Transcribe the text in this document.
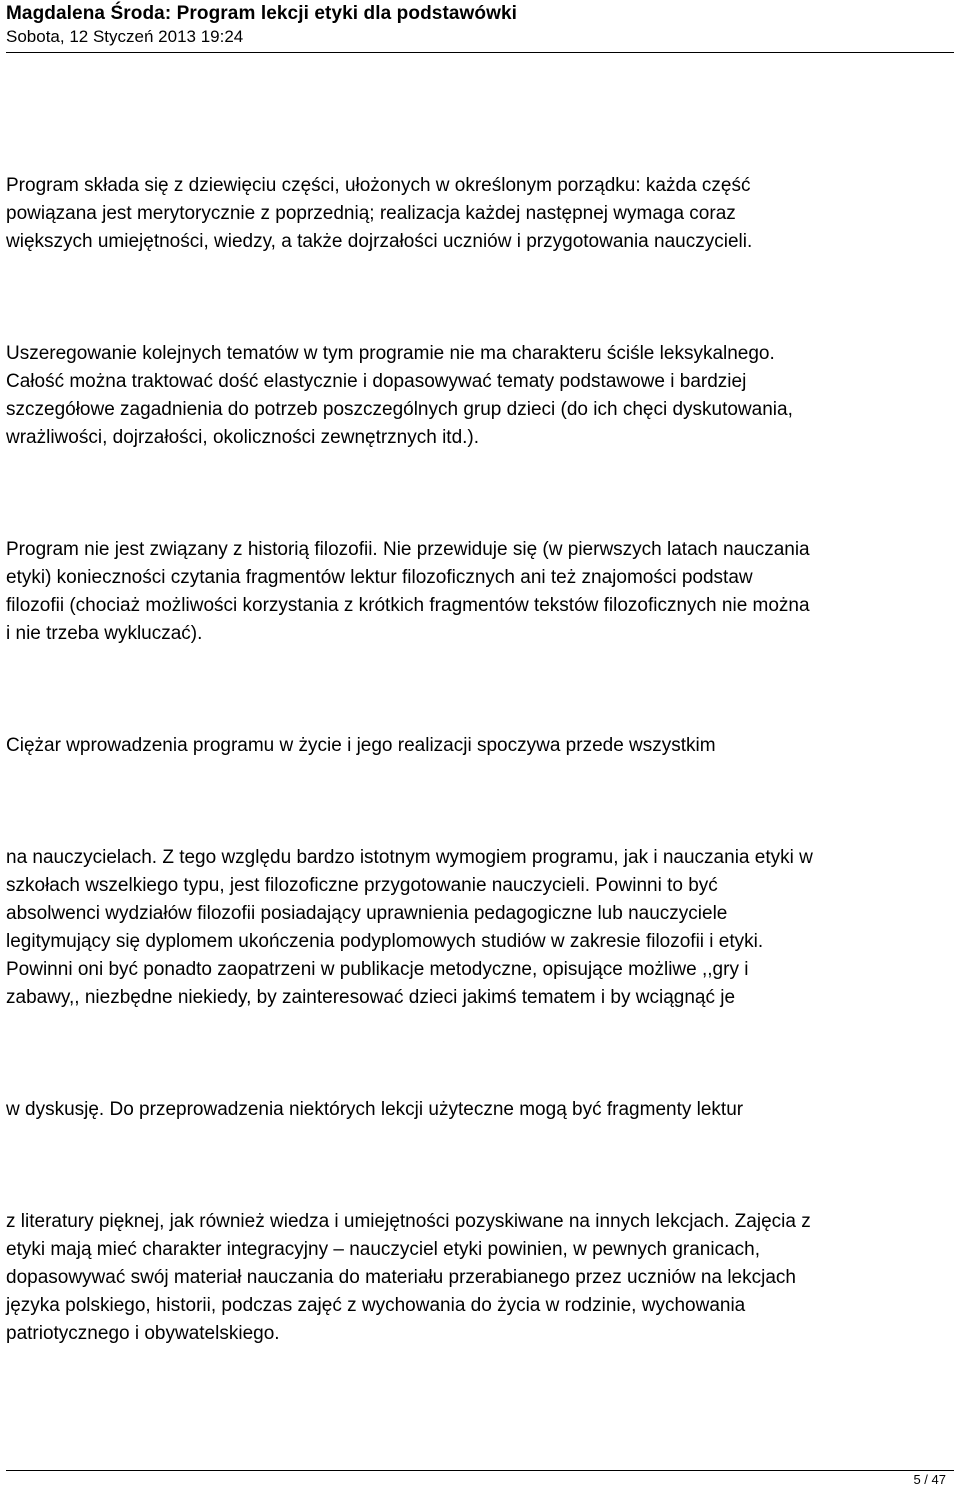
Magdalena Środa: Program lekcji etyki dla podstawówki
Sobota, 12 Styczeń 2013 19:24
Program składa się z dziewięciu części, ułożonych w określonym porządku: każda część
powiązana jest merytorycznie z poprzednią; realizacja każdej następnej wymaga coraz
większych umiejętności, wiedzy, a także dojrzałości uczniów i przygotowania nauczycieli.
Uszeregowanie kolejnych tematów w tym programie nie ma charakteru ściśle leksykalnego.
Całość można traktować dość elastycznie i dopasowywać tematy podstawowe i bardziej
szczegółowe zagadnienia do potrzeb poszczególnych grup dzieci (do ich chęci dyskutowania,
wrażliwości, dojrzałości, okoliczności zewnętrznych itd.).
Program nie jest związany z historią filozofii. Nie przewiduje się (w pierwszych latach nauczania
etyki) konieczności czytania fragmentów lektur filozoficznych ani też znajomości podstaw
filozofii (chociaż możliwości korzystania z krótkich fragmentów tekstów filozoficznych nie można
i nie trzeba wykluczać).
Ciężar wprowadzenia programu w życie i jego realizacji spoczywa przede wszystkim
na nauczycielach. Z tego względu bardzo istotnym wymogiem programu, jak i nauczania etyki w
szkołach wszelkiego typu, jest filozoficzne przygotowanie nauczycieli. Powinni to być
absolwenci wydziałów filozofii posiadający uprawnienia pedagogiczne lub nauczyciele
legitymujący się dyplomem ukończenia podyplomowych studiów w zakresie filozofii i etyki.
Powinni oni być ponadto zaopatrzeni w publikacje metodyczne, opisujące możliwe ,,gry i
zabawy,, niezbędne niekiedy, by zainteresować dzieci jakimś tematem i by wciągnąć je
w dyskusję. Do przeprowadzenia niektórych lekcji użyteczne mogą być fragmenty lektur
z literatury pięknej, jak również wiedza i umiejętności pozyskiwane na innych lekcjach. Zajęcia z
etyki mają mieć charakter integracyjny – nauczyciel etyki powinien, w pewnych granicach,
dopasowywać swój materiał nauczania do materiału przerabianego przez uczniów na lekcjach
języka polskiego, historii, podczas zajęć z wychowania do życia w rodzinie, wychowania
patriotycznego i obywatelskiego.
5 / 47
